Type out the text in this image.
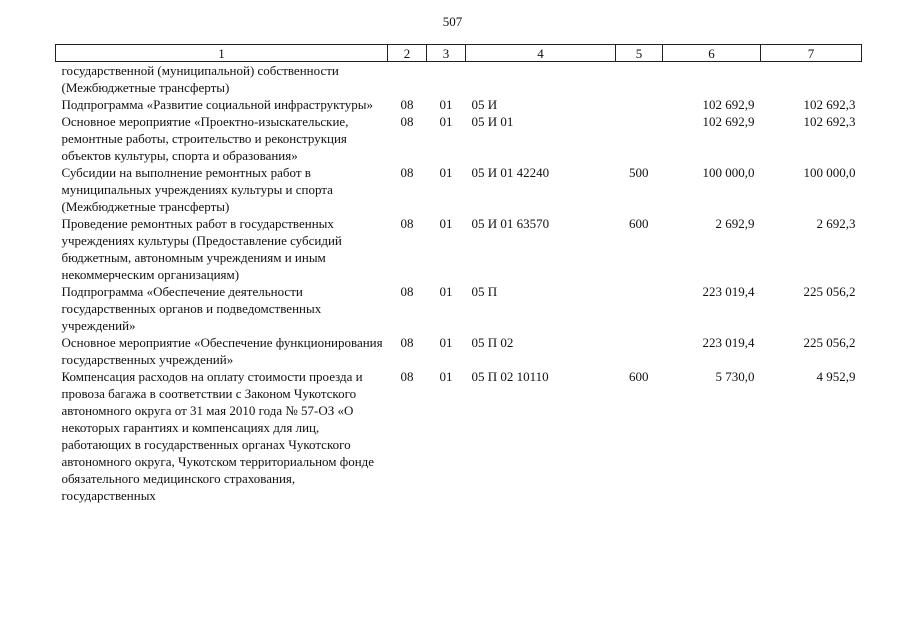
507
1	2	3	4	5	6	7
государственной (муниципальной) собственности (Межбюджетные трансферты)						
Подпрограмма «Развитие социальной инфраструктуры»	08	01	05 И		102 692,9	102 692,3
Основное мероприятие «Проектно-изыскательские, ремонтные работы, строительство и реконструкция объектов культуры, спорта и образования»	08	01	05 И 01		102 692,9	102 692,3
Субсидии на выполнение ремонтных работ в муниципальных учреждениях культуры и спорта (Межбюджетные трансферты)	08	01	05 И 01 42240	500	100 000,0	100 000,0
Проведение ремонтных работ в государственных учреждениях культуры (Предоставление субсидий бюджетным, автономным учреждениям и иным некоммерческим организациям)	08	01	05 И 01 63570	600	2 692,9	2 692,3
Подпрограмма «Обеспечение деятельности государственных органов и подведомственных учреждений»	08	01	05 П		223 019,4	225 056,2
Основное мероприятие «Обеспечение функционирования государственных учреждений»	08	01	05 П 02		223 019,4	225 056,2
Компенсация расходов на оплату стоимости проезда и провоза багажа в соответствии с Законом Чукотского автономного округа от 31 мая 2010 года № 57-ОЗ «О некоторых гарантиях и компенсациях для лиц, работающих в государственных органах Чукотского автономного округа, Чукотском территориальном фонде обязательного медицинского страхования, государственных	08	01	05 П 02 10110	600	5 730,0	4 952,9
